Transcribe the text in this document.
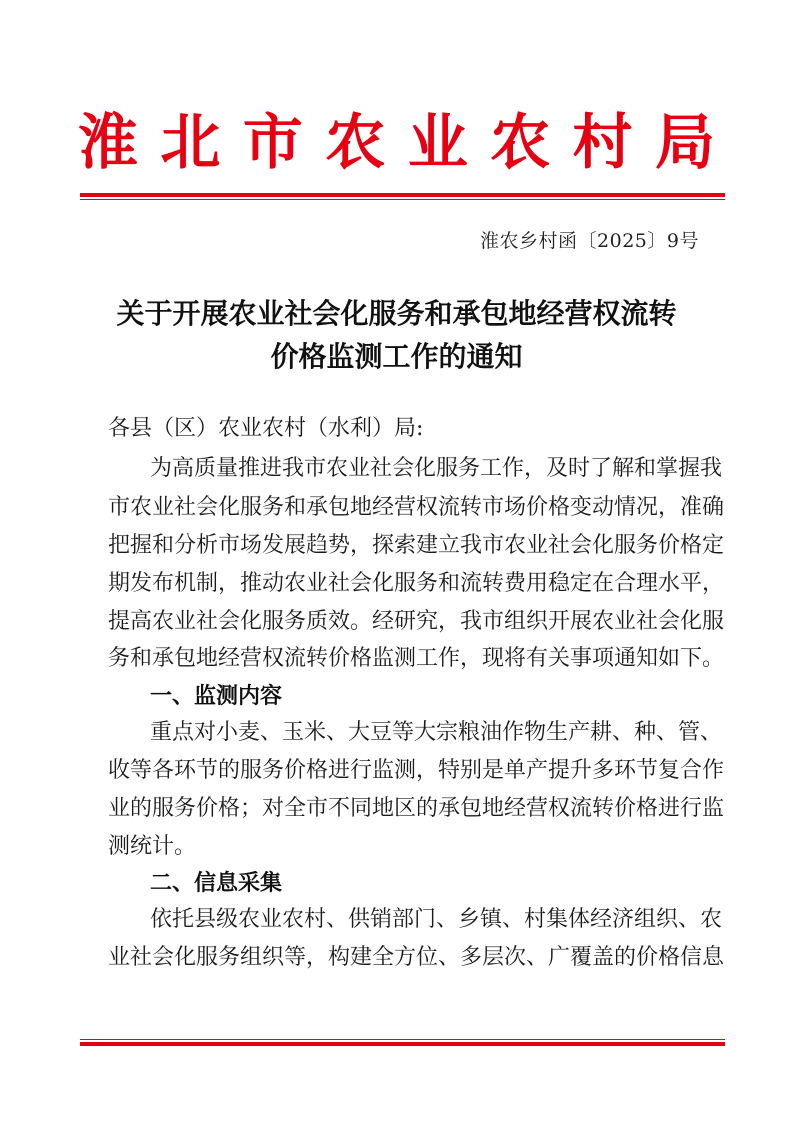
淮 北 市 农 业 农 村 局
淮农乡村函〔2025〕9号
关于开展农业社会化服务和承包地经营权流转
价格监测工作的通知
各县（区）农业农村（水利）局:
为高质量推进我市农业社会化服务工作，及时了解和掌握我
市农业社会化服务和承包地经营权流转市场价格变动情况，准确
把握和分析市场发展趋势，探索建立我市农业社会化服务价格定
期发布机制，推动农业社会化服务和流转费用稳定在合理水平，
提高农业社会化服务质效。经研究，我市组织开展农业社会化服
务和承包地经营权流转价格监测工作，现将有关事项通知如下。
一、监测内容
重点对小麦、玉米、大豆等大宗粮油作物生产耕、种、管、
收等各环节的服务价格进行监测，特别是单产提升多环节复合作
业的服务价格；对全市不同地区的承包地经营权流转价格进行监
测统计。
二、信息采集
依托县级农业农村、供销部门、乡镇、村集体经济组织、农
业社会化服务组织等，构建全方位、多层次、广覆盖的价格信息
